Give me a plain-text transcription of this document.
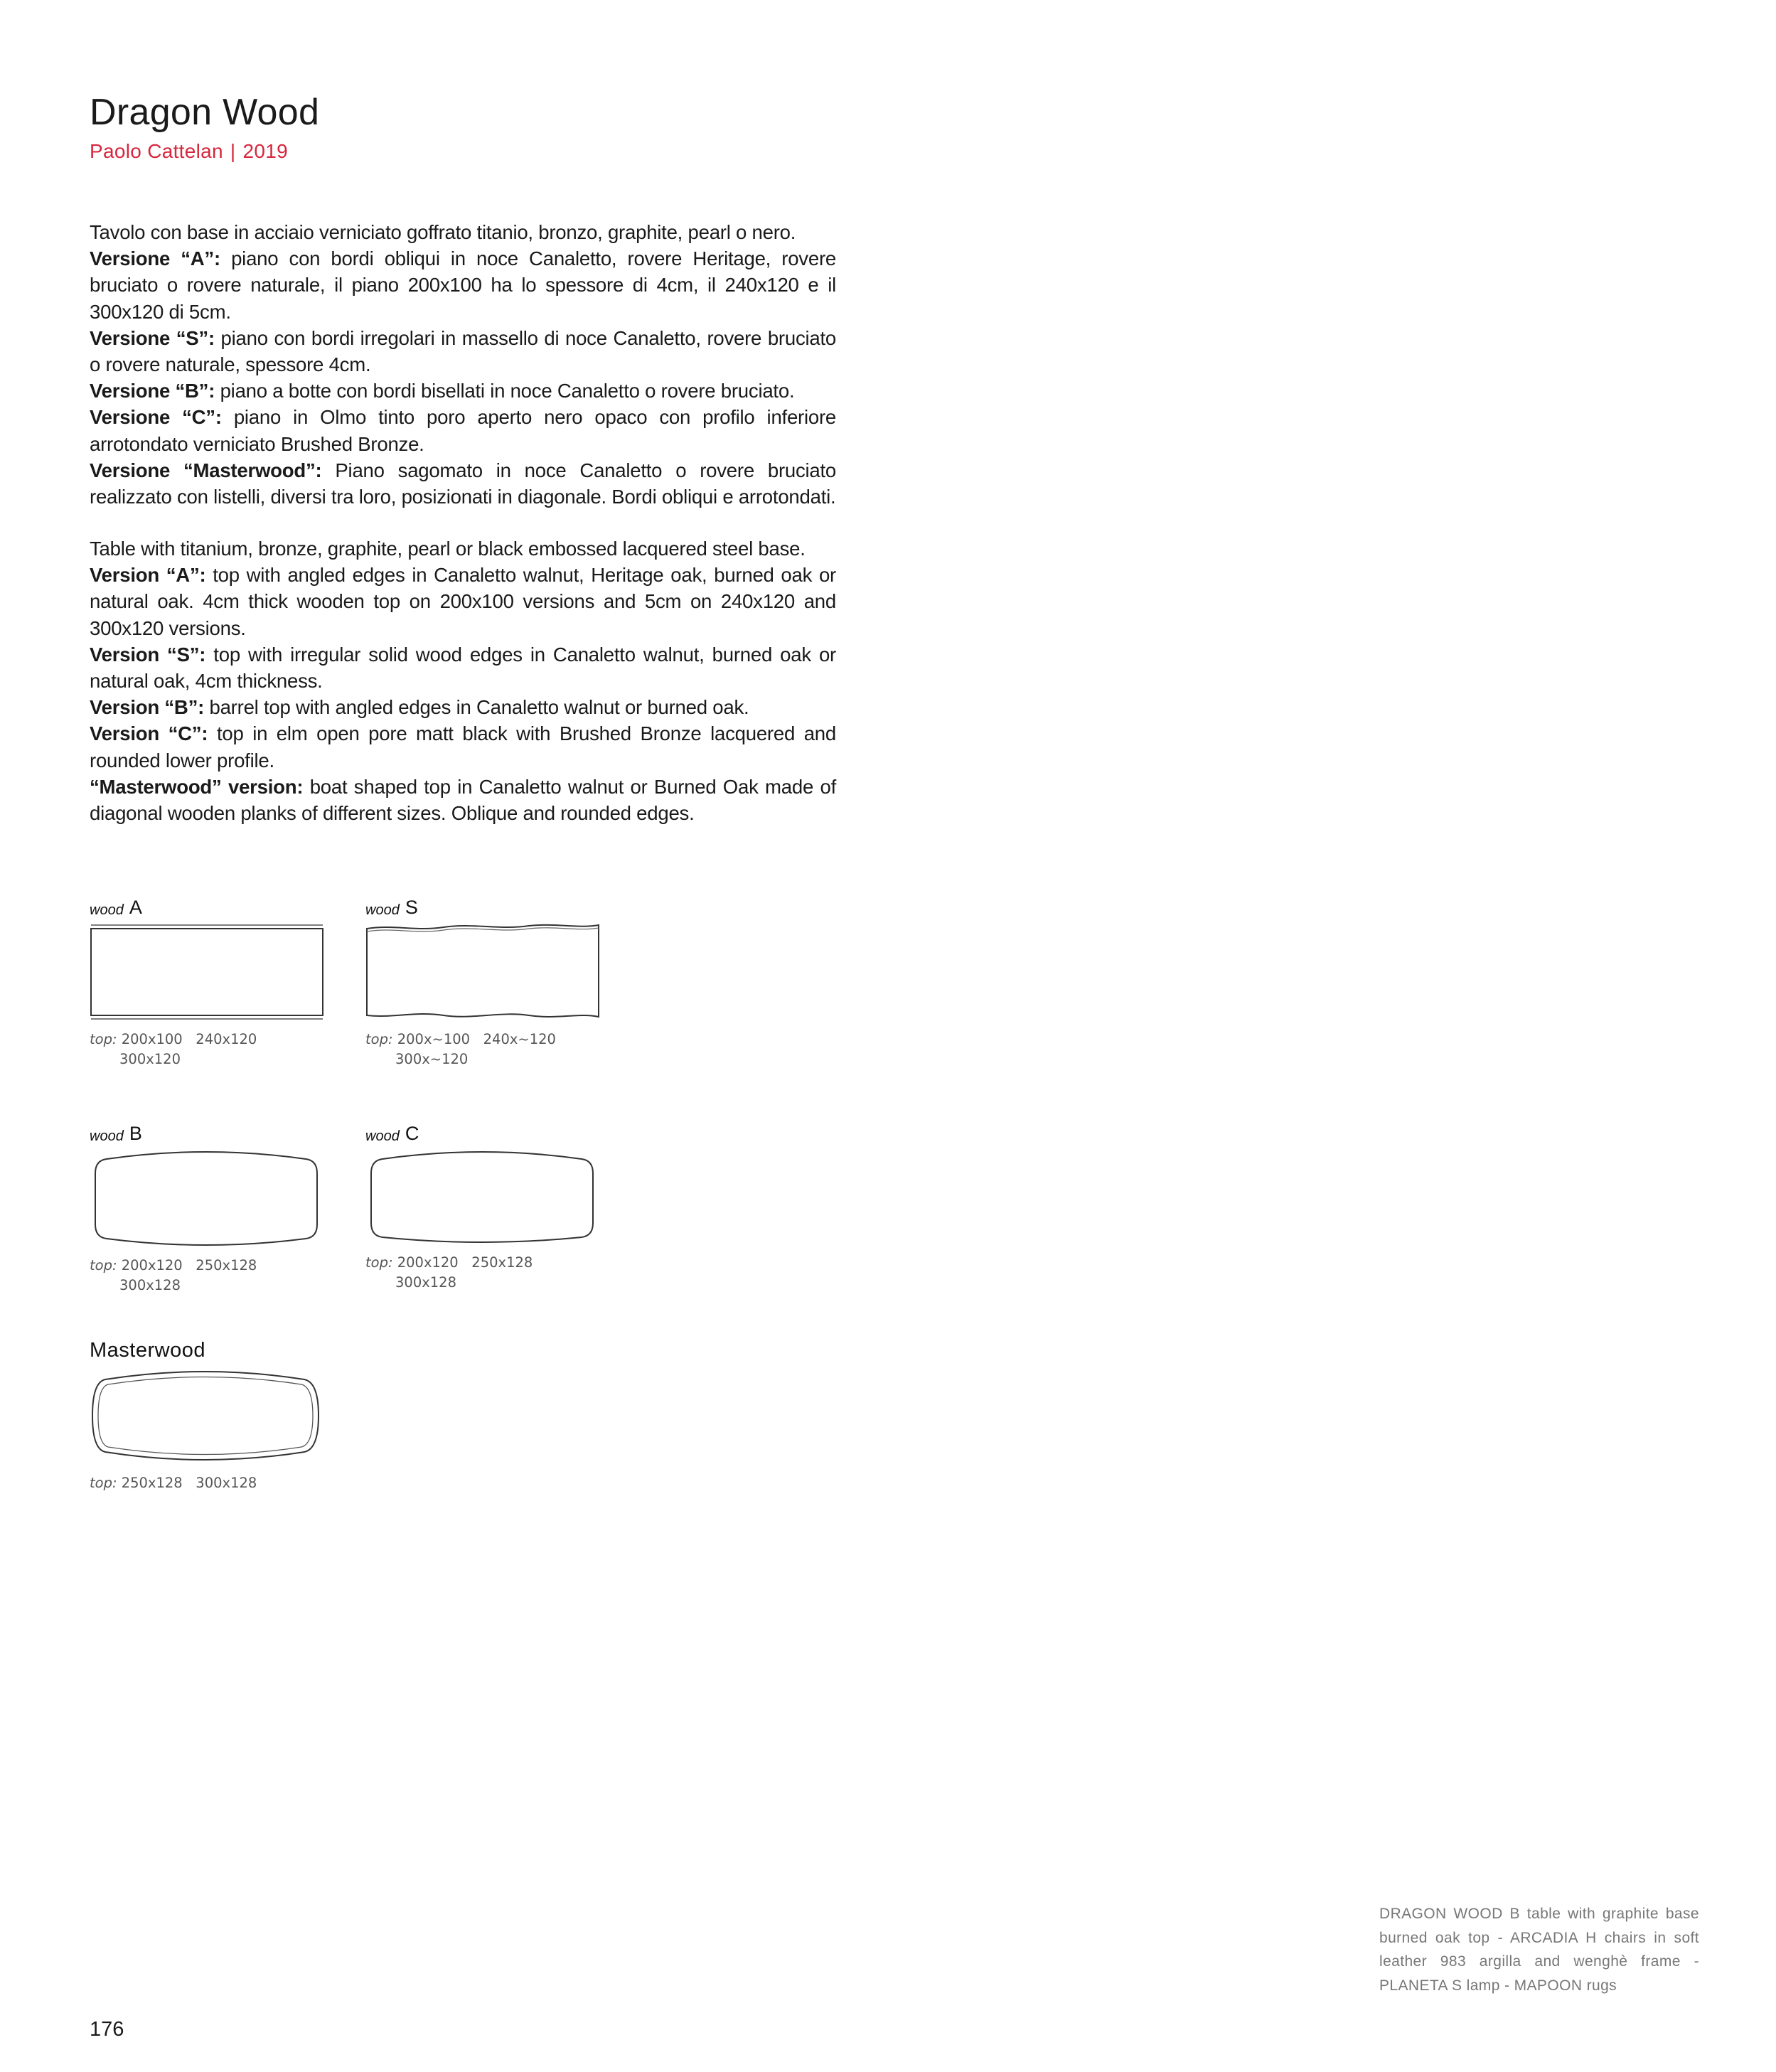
Dragon Wood
Paolo Cattelan | 2019

Tavolo con base in acciaio verniciato goffrato titanio, bronzo, graphite, pearl o nero.

Versione “A”: piano con bordi obliqui in noce Canaletto, rovere Heritage, rovere bruciato o rovere naturale, il piano 200x100 ha lo spessore di 4cm, il 240x120 e il 300x120 di 5cm.

Versione “S”: piano con bordi irregolari in massello di noce Canaletto, rovere bruciato o rovere naturale, spessore 4cm.

Versione “B”: piano a botte con bordi bisellati in noce Canaletto o rovere bruciato.

Versione “C”: piano in Olmo tinto poro aperto nero opaco con profilo inferiore arrotondato verniciato Brushed Bronze.

Versione “Masterwood”: Piano sagomato in noce Canaletto o rovere bruciato realizzato con listelli, diversi tra loro, posizionati in diagonale. Bordi obliqui e arrotondati.

Table with titanium, bronze, graphite, pearl or black embossed lacquered steel base.

Version “A”: top with angled edges in Canaletto walnut, Heritage oak, burned oak or natural oak. 4cm thick wooden top on 200x100 versions and 5cm on 240x120 and 300x120 versions.

Version “S”: top with irregular solid wood edges in Canaletto walnut, burned oak or natural oak, 4cm thickness.

Version “B”: barrel top with angled edges in Canaletto walnut or burned oak.

Version “C”: top in elm open pore matt black with Brushed Bronze lacquered and rounded lower profile.

“Masterwood” version: boat shaped top in Canaletto walnut or Burned Oak made of diagonal wooden planks of different sizes. Oblique and rounded edges.

wood A
top: 200x100   240x120
300x120
wood S
top: 200x~100   240x~120
300x~120
wood B
top: 200x120   250x128
300x128
wood C
top: 200x120   250x128
300x128
Masterwood
top: 250x128   300x128
DRAGON WOOD B table with graphite base burned oak top - ARCADIA H chairs in soft leather 983 argilla and wenghè frame - PLANETA S lamp - MAPOON rugs
176
